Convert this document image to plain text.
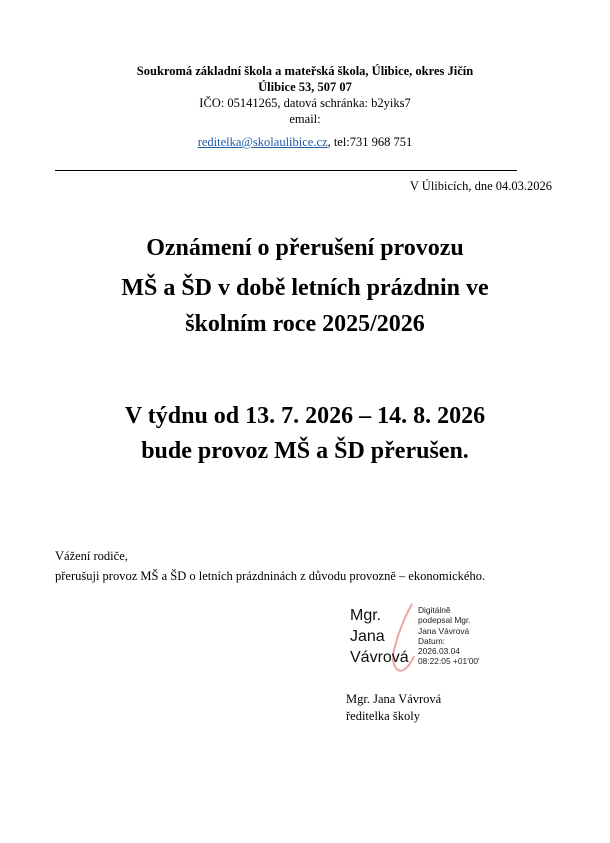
Soukromá základní škola a mateřská škola, Úlibice, okres Jičín
Úlibice 53, 507 07
IČO: 05141265, datová schránka: b2yiks7
email:
reditelka@skolaulibice.cz, tel:731 968 751
V Úlibicích, dne 04.03.2026
Oznámení o přerušení provozu
MŠ a ŠD v době letních prázdnin ve
školním roce 2025/2026
V týdnu od 13. 7. 2026 – 14. 8. 2026
bude provoz MŠ a ŠD přerušen.
Vážení rodiče,
přerušuji provoz MŠ a ŠD o letních prázdninách z důvodu provozně – ekonomického.
Mgr.
Jana
Vávrová
Digitálně
podepsal Mgr.
Jana Vávrová
Datum:
2026.03.04
08:22:05 +01'00'
Mgr. Jana Vávrová
ředitelka školy
